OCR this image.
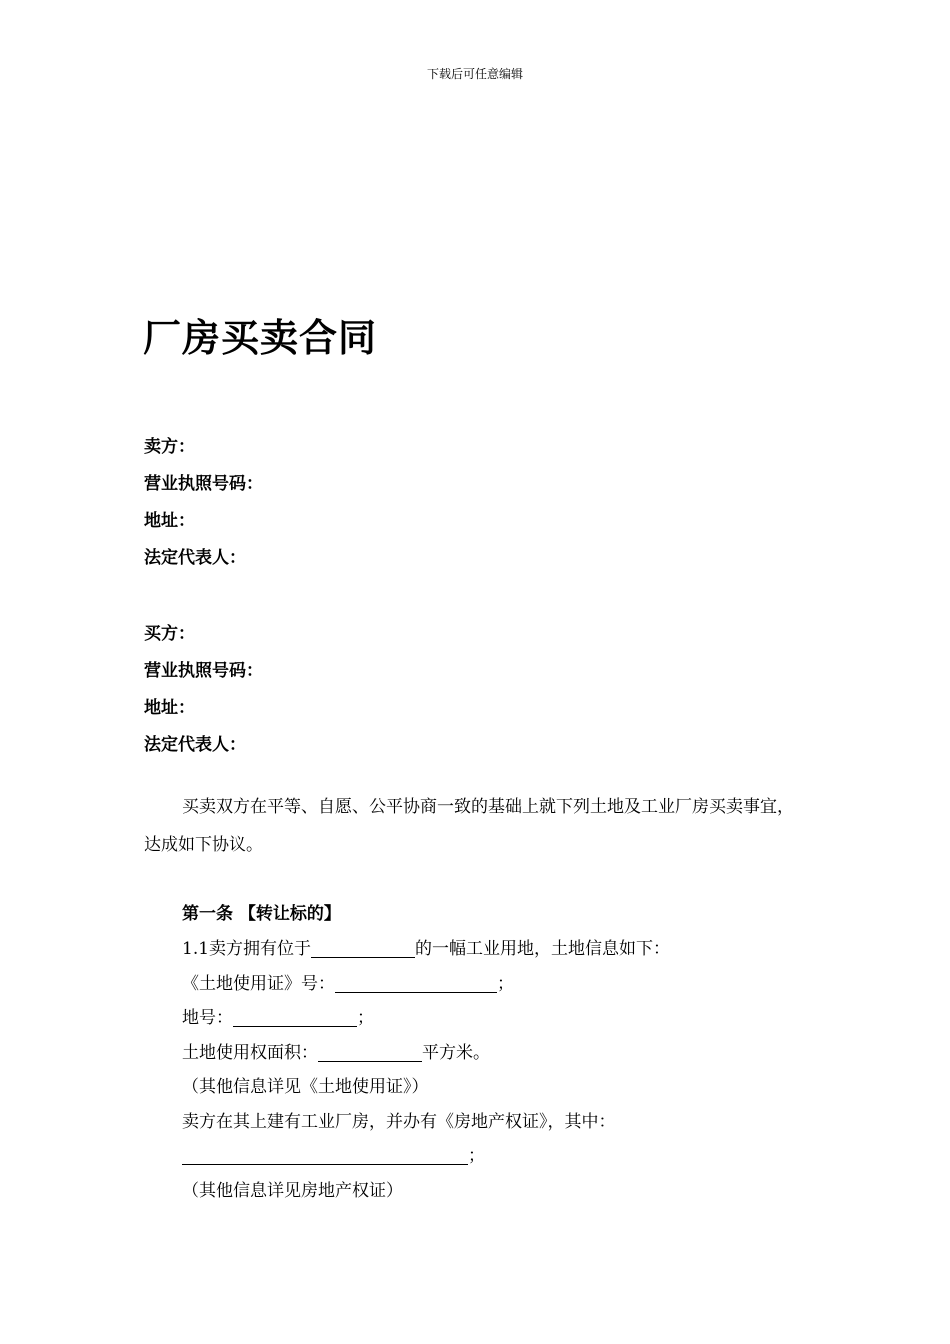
下载后可任意编辑
厂房买卖合同
卖方：
营业执照号码：
地址：
法定代表人：
买方：
营业执照号码：
地址：
法定代表人：

买卖双方在平等、自愿、公平协商一致的基础上就下列土地及工业厂房买卖事宜，达成如下协议。

第一条 【转让标的】
1.1卖方拥有位于	的一幅工业用地，土地信息如下：
《土地使用证》号：	；
地号：	；
土地使用权面积：	平方米。
（其他信息详见《土地使用证》）
卖方在其上建有工业厂房，并办有《房地产权证》，其中：
；
（其他信息详见房地产权证）
